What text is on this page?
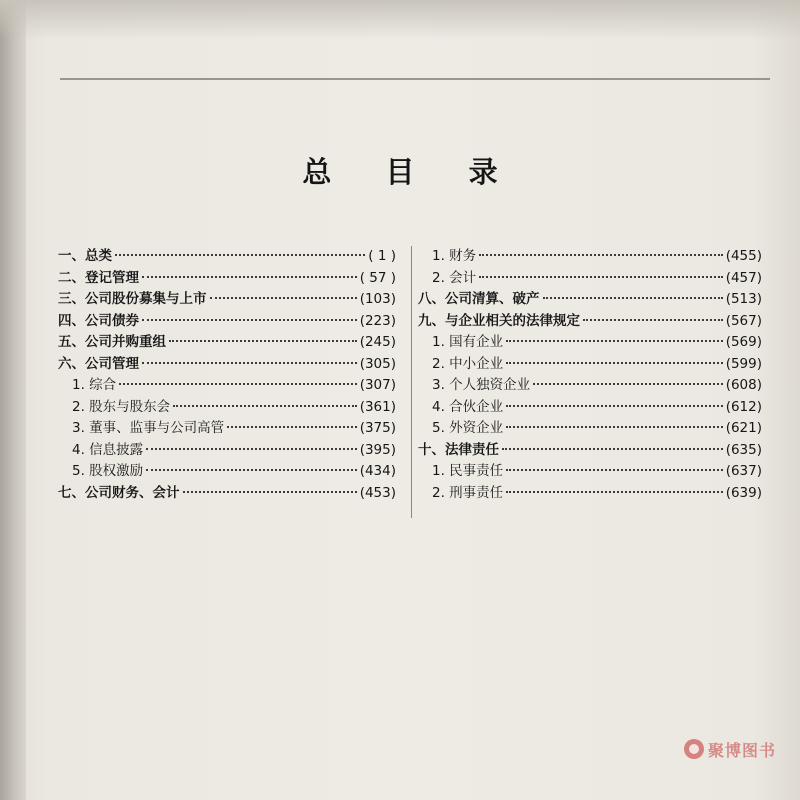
总 目 录
一、总类	( 1 )
二、登记管理	( 57 )
三、公司股份募集与上市	(103)
四、公司债券	(223)
五、公司并购重组	(245)
六、公司管理	(305)
1. 综合	(307)
2. 股东与股东会	(361)
3. 董事、监事与公司高管	(375)
4. 信息披露	(395)
5. 股权激励	(434)
七、公司财务、会计	(453)
1. 财务	(455)
2. 会计	(457)
八、公司清算、破产	(513)
九、与企业相关的法律规定	(567)
1. 国有企业	(569)
2. 中小企业	(599)
3. 个人独资企业	(608)
4. 合伙企业	(612)
5. 外资企业	(621)
十、法律责任	(635)
1. 民事责任	(637)
2. 刑事责任	(639)
聚博图书
